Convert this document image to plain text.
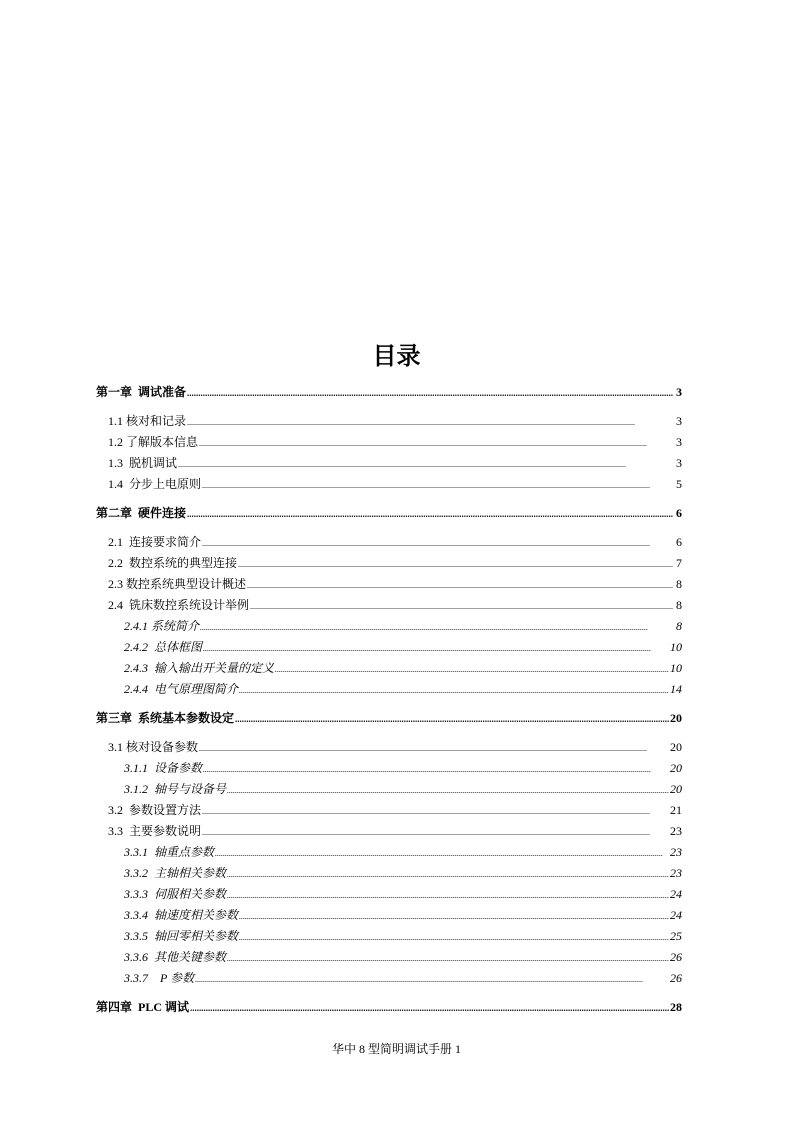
目录
第一章  调试准备 .....	3
1.1 核对和记录 .....	3
1.2 了解版本信息 .....	3
1.3  脱机调试 .....	3
1.4  分步上电原则 .....	5
第二章  硬件连接 .....	6
2.1  连接要求简介 .....	6
2.2  数控系统的典型连接 .....	7
2.3 数控系统典型设计概述 .....	8
2.4  铣床数控系统设计举例 .....	8
2.4.1 系统简介 .....	8
2.4.2  总体框图 .....	10
2.4.3  输入输出开关量的定义 .....	10
2.4.4  电气原理图简介 .....	14
第三章  系统基本参数设定 .....	20
3.1 核对设备参数 .....	20
3.1.1  设备参数 .....	20
3.1.2  轴号与设备号 .....	20
3.2  参数设置方法 .....	21
3.3  主要参数说明 .....	23
3.3.1  轴重点参数 .....	23
3.3.2  主轴相关参数 .....	23
3.3.3  伺服相关参数 .....	24
3.3.4  轴速度相关参数 .....	24
3.3.5  轴回零相关参数 .....	25
3.3.6  其他关键参数 .....	26
3.3.7    P 参数 .....	26
第四章  PLC 调试 .....	28
华中 8 型简明调试手册 1
